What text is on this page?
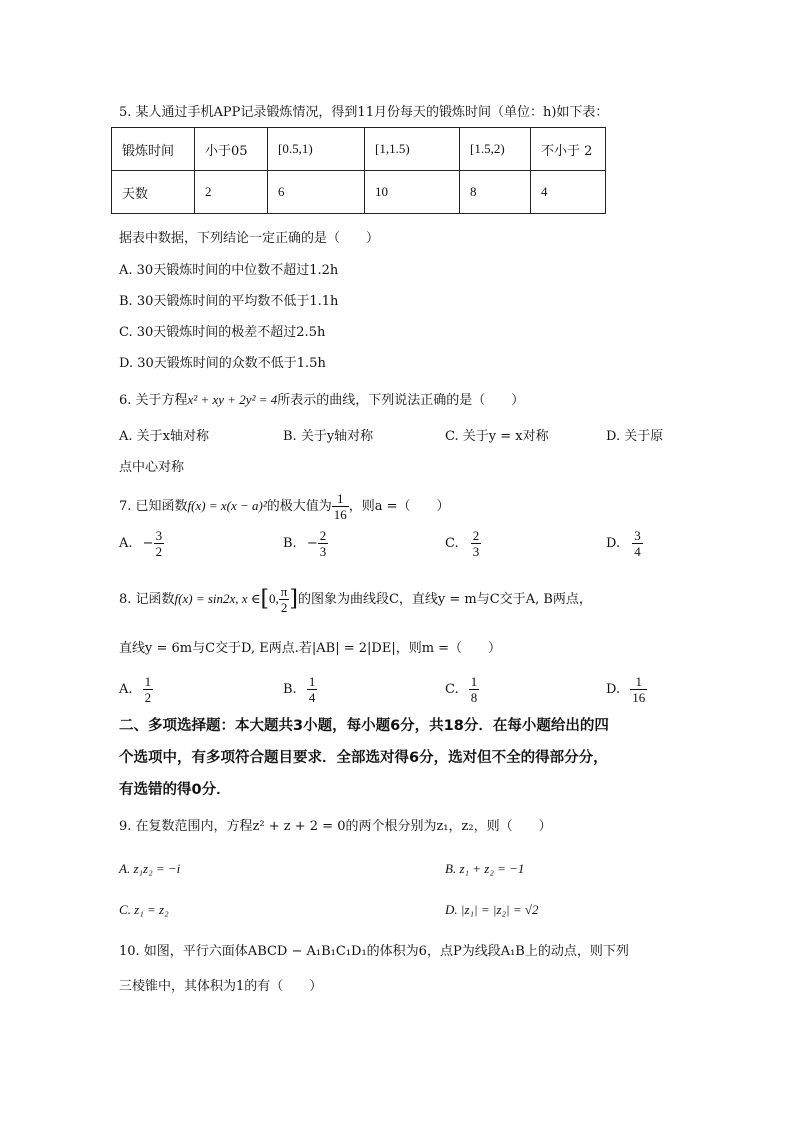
5. 某人通过手机APP记录锻炼情况，得到11月份每天的锻炼时间（单位：h)如下表：
锻炼时间	小于05	[0.5,1)	[1,1.5)	[1.5,2)	不小于 2
天数	2	6	10	8	4
据表中数据，下列结论一定正确的是（　　）
A. 30天锻炼时间的中位数不超过1.2h
B. 30天锻炼时间的平均数不低于1.1h
C. 30天锻炼时间的极差不超过2.5h
D. 30天锻炼时间的众数不低于1.5h
6. 关于方程x² + xy + 2y² = 4所表示的曲线，下列说法正确的是（　　）
A. 关于x轴对称	B. 关于y轴对称	C. 关于y = x对称	D. 关于原
点中心对称
7. 已知函数f(x) = x(x − a)²的极大值为 $\frac{1}{16}$ ，则a =（　　）
A. − $\frac{3}{2}$	B. − $\frac{2}{3}$	C. $\frac{2}{3}$	D. $\frac{3}{4}$
8. 记函数f(x) = sin2x, x ∈[0, $\frac{\pi}{2}$ ]的图象为曲线段C，直线y = m与C交于A, B两点，
直线y = 6m与C交于D, E两点.若|AB| = 2|DE|，则m =（　　）
A. $\frac{1}{2}$	B. $\frac{1}{4}$	C. $\frac{1}{8}$	D. $\frac{1}{16}$
二、多项选择题：本大题共3小题，每小题6分，共18分．在每小题给出的四
个选项中，有多项符合题目要求．全部选对得6分，选对但不全的得部分分，
有选错的得0分．
9. 在复数范围内，方程z² + z + 2 = 0的两个根分别为z₁，z₂，则（　　）
A. z₁z₂ = −i	B. z₁ + z₂ = −1
C. z₁ = z₂	D. |z₁| = |z₂| = √2
10. 如图，平行六面体ABCD − A₁B₁C₁D₁的体积为6，点P为线段A₁B上的动点，则下列
三棱锥中，其体积为1的有（　　）
